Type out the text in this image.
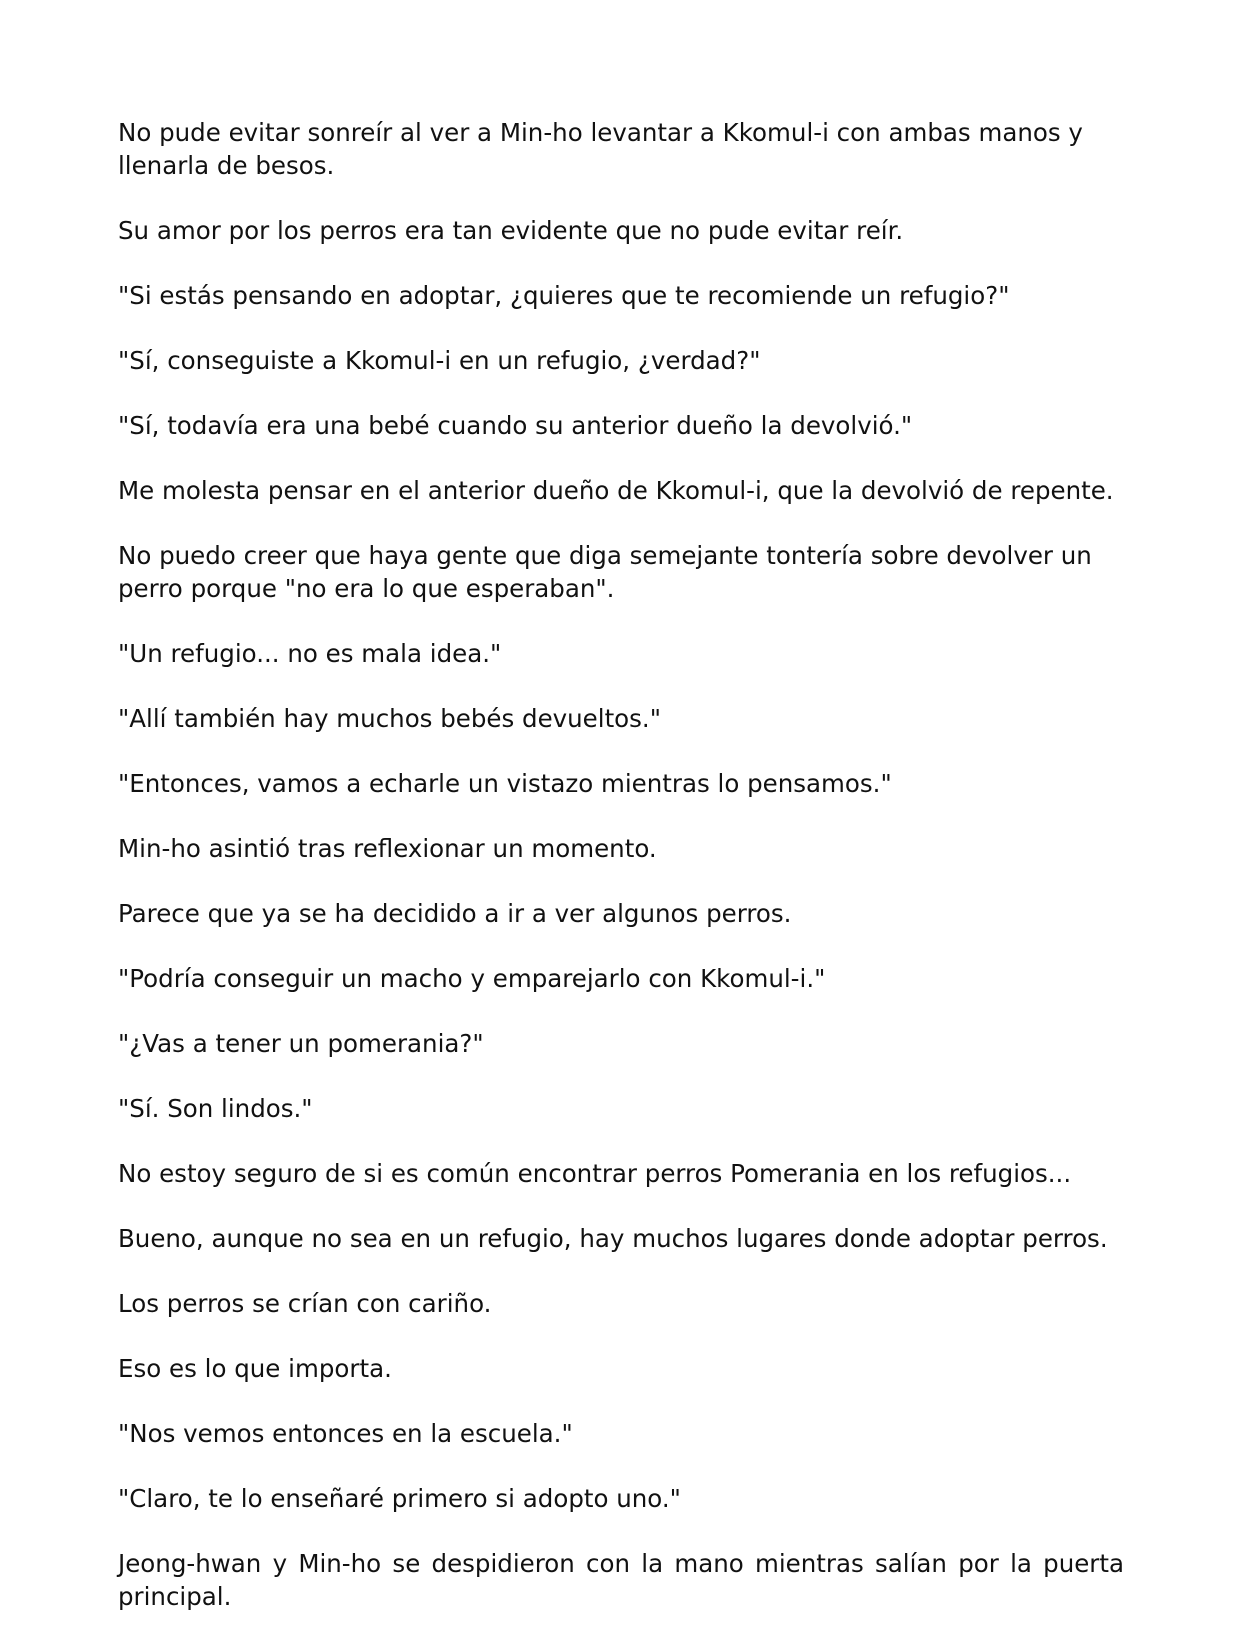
No pude evitar sonreír al ver a Min-ho levantar a Kkomul-i con ambas manos y llenarla de besos.

Su amor por los perros era tan evidente que no pude evitar reír.

"Si estás pensando en adoptar, ¿quieres que te recomiende un refugio?"

"Sí, conseguiste a Kkomul-i en un refugio, ¿verdad?"

"Sí, todavía era una bebé cuando su anterior dueño la devolvió."

Me molesta pensar en el anterior dueño de Kkomul-i, que la devolvió de repente.

No puedo creer que haya gente que diga semejante tontería sobre devolver un perro porque "no era lo que esperaban".

"Un refugio... no es mala idea."

"Allí también hay muchos bebés devueltos."

"Entonces, vamos a echarle un vistazo mientras lo pensamos."

Min-ho asintió tras reflexionar un momento.

Parece que ya se ha decidido a ir a ver algunos perros.

"Podría conseguir un macho y emparejarlo con Kkomul-i."

"¿Vas a tener un pomerania?"

"Sí. Son lindos."

No estoy seguro de si es común encontrar perros Pomerania en los refugios...

Bueno, aunque no sea en un refugio, hay muchos lugares donde adoptar perros.

Los perros se crían con cariño.

Eso es lo que importa.

"Nos vemos entonces en la escuela."

"Claro, te lo enseñaré primero si adopto uno."

Jeong-hwan y Min-ho se despidieron con la mano mientras salían por la puerta principal.
